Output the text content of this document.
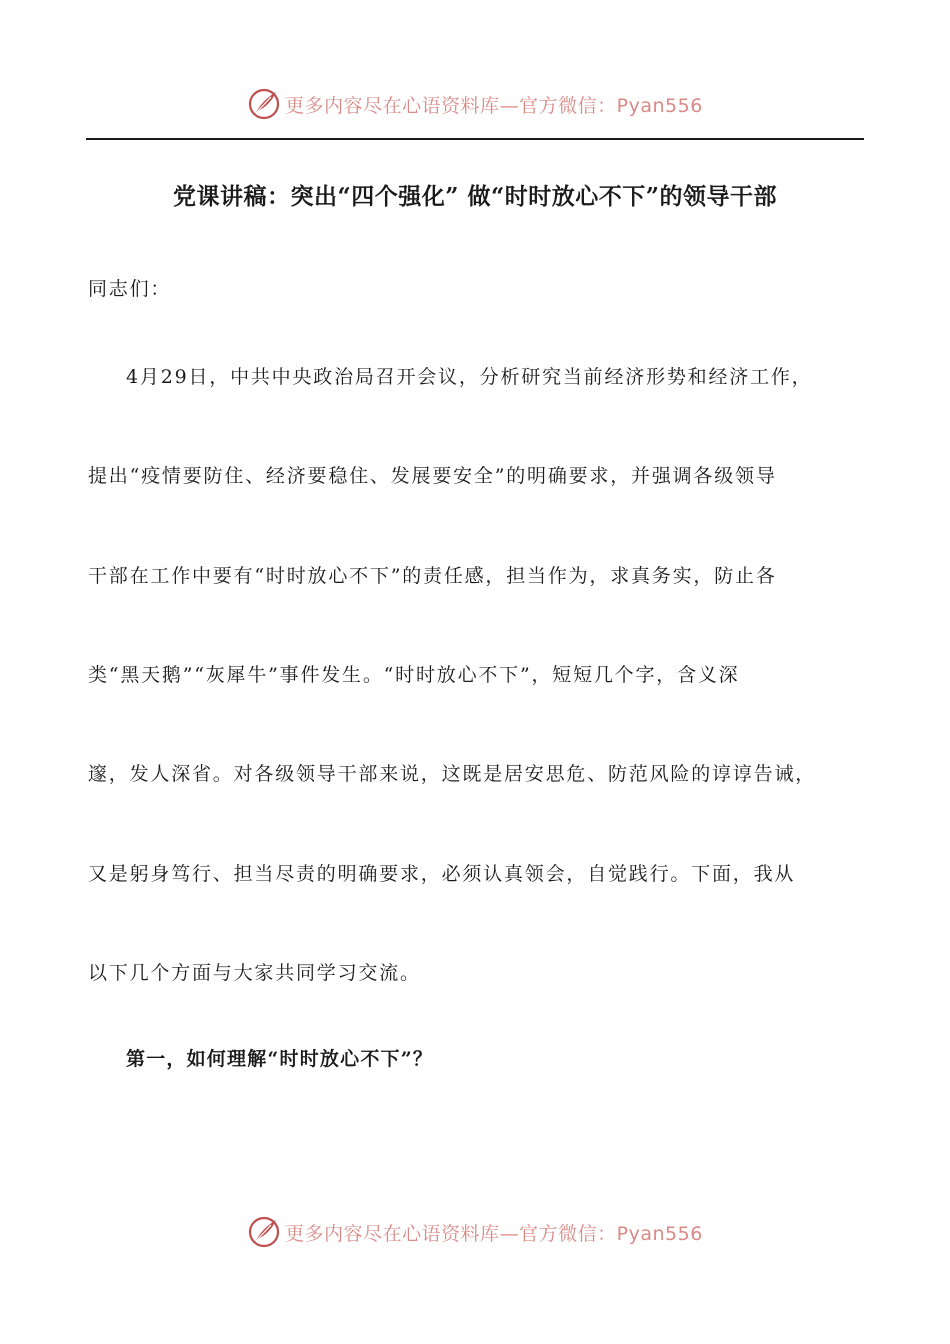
更多内容尽在心语资料库—官方微信：Pyan556
党课讲稿：突出“四个强化” 做“时时放心不下”的领导干部
同志们：
4月29日，中共中央政治局召开会议，分析研究当前经济形势和经济工作，
提出“疫情要防住、经济要稳住、发展要安全”的明确要求，并强调各级领导
干部在工作中要有“时时放心不下”的责任感，担当作为，求真务实，防止各
类“黑天鹅”“灰犀牛”事件发生。“时时放心不下”，短短几个字，含义深
邃，发人深省。对各级领导干部来说，这既是居安思危、防范风险的谆谆告诫，
又是躬身笃行、担当尽责的明确要求，必须认真领会，自觉践行。下面，我从
以下几个方面与大家共同学习交流。
第一，如何理解“时时放心不下”？
更多内容尽在心语资料库—官方微信：Pyan556
